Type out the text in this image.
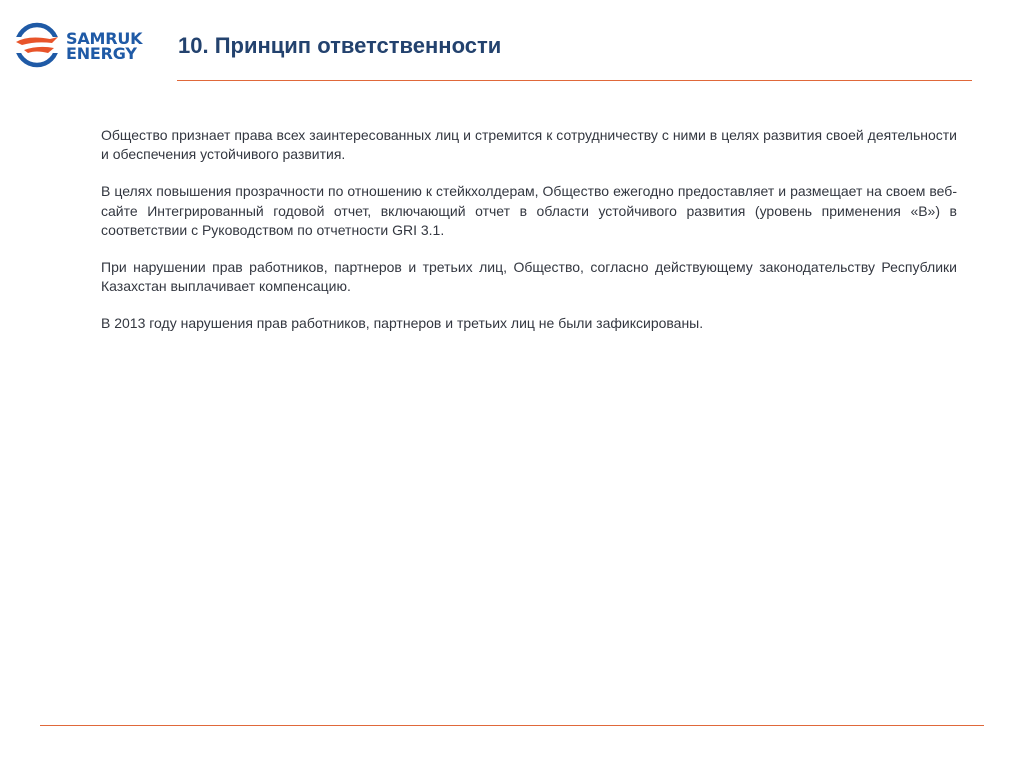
SAMRUK
ENERGY 10. Принцип ответственности

Общество признает права всех заинтересованных лиц и стремится к сотрудничеству с ними в целях развития своей деятельности и обеспечения устойчивого развития.

В целях повышения прозрачности по отношению к стейкхолдерам, Общество ежегодно предоставляет и размещает на своем веб-сайте Интегрированный годовой отчет, включающий отчет в области устойчивого развития (уровень применения «B») в соответствии с Руководством по отчетности GRI 3.1.

При нарушении прав работников, партнеров и третьих лиц, Общество, согласно действующему законодательству Республики Казахстан выплачивает компенсацию.

В 2013 году нарушения прав работников, партнеров и третьих лиц не были зафиксированы.
